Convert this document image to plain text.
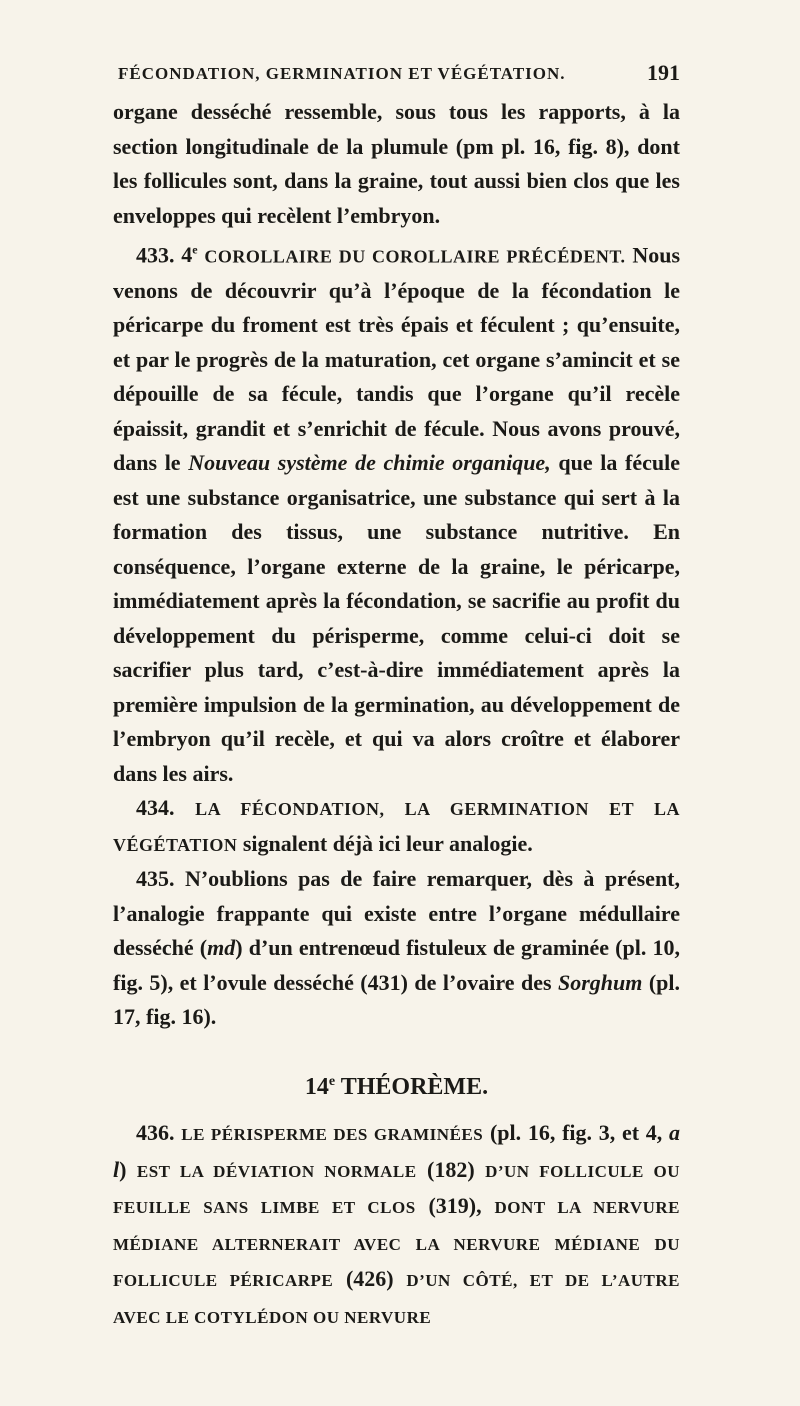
FÉCONDATION, GERMINATION ET VÉGÉTATION.	191

organe desséché ressemble, sous tous les rapports, à la section longitudinale de la plumule (pm pl. 16, fig. 8), dont les follicules sont, dans la graine, tout aussi bien clos que les enveloppes qui recèlent l’embryon.

433. 4e COROLLAIRE DU COROLLAIRE PRÉCÉDENT. Nous venons de découvrir qu’à l’époque de la fécondation le péricarpe du froment est très épais et féculent ; qu’ensuite, et par le progrès de la maturation, cet organe s’amincit et se dépouille de sa fécule, tandis que l’organe qu’il recèle épaissit, grandit et s’enrichit de fécule. Nous avons prouvé, dans le Nouveau système de chimie organique, que la fécule est une substance organisatrice, une substance qui sert à la formation des tissus, une substance nutritive. En conséquence, l’organe externe de la graine, le péricarpe, immédiatement après la fécondation, se sacrifie au profit du développement du périsperme, comme celui-ci doit se sacrifier plus tard, c’est-à-dire immédiatement après la première impulsion de la germination, au développement de l’embryon qu’il recèle, et qui va alors croître et élaborer dans les airs.

434. LA FÉCONDATION, LA GERMINATION ET LA VÉGÉTATION signalent déjà ici leur analogie.

435. N’oublions pas de faire remarquer, dès à présent, l’analogie frappante qui existe entre l’organe médullaire desséché (md) d’un entrenœud fistuleux de graminée (pl. 10, fig. 5), et l’ovule desséché (431) de l’ovaire des Sorghum (pl. 17, fig. 16).

14e THÉORÈME.

436. LE PÉRISPERME DES GRAMINÉES (pl. 16, fig. 3, et 4, a l) EST LA DÉVIATION NORMALE (182) D’UN FOLLICULE OU FEUILLE SANS LIMBE ET CLOS (319), DONT LA NERVURE MÉDIANE ALTERNERAIT AVEC LA NERVURE MÉDIANE DU FOLLICULE PÉRICARPE (426) D’UN CÔTÉ, ET DE L’AUTRE AVEC LE COTYLÉDON OU NERVURE
